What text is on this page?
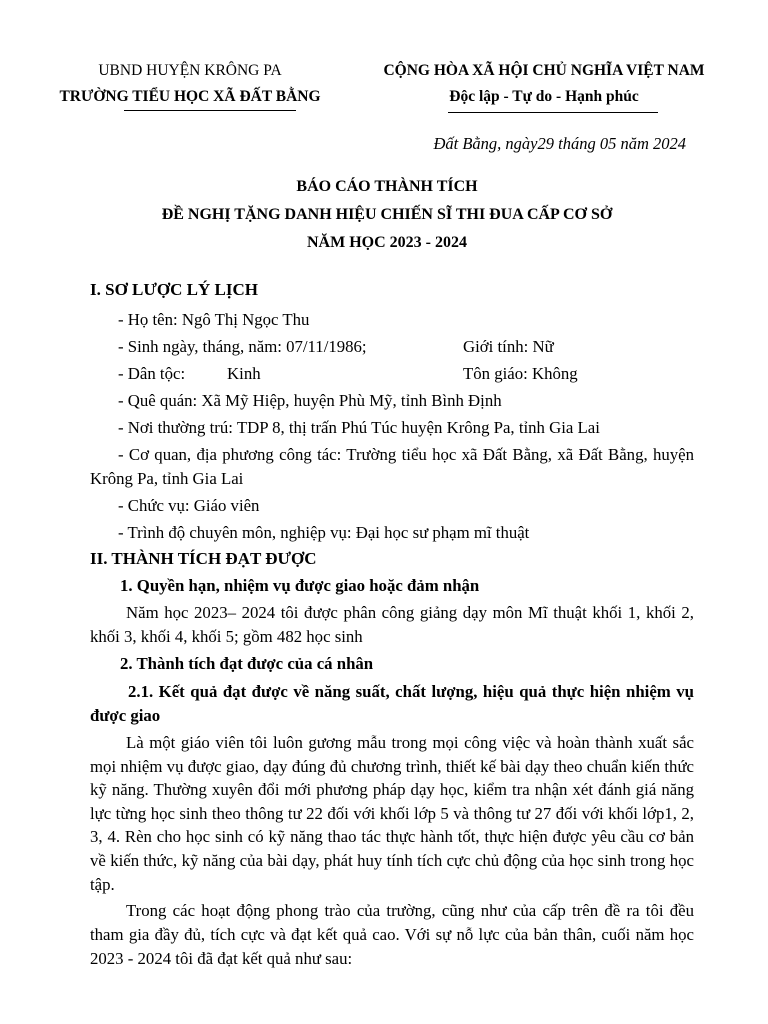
UBND HUYỆN KRÔNG PA
TRƯỜNG TIỂU HỌC XÃ ĐẤT BẰNG
CỘNG HÒA XÃ HỘI CHỦ NGHĨA VIỆT NAM
Độc lập - Tự do - Hạnh phúc
Đất Bằng, ngày29 tháng 05 năm 2024
BÁO CÁO THÀNH TÍCH
ĐỀ NGHỊ TẶNG DANH HIỆU CHIẾN SĨ THI ĐUA CẤP CƠ SỞ
NĂM HỌC 2023 - 2024

I. SƠ LƯỢC LÝ LỊCH

- Họ tên: Ngô Thị Ngọc Thu

- Sinh ngày, tháng, năm: 07/11/1986;	Giới tính: Nữ
- Dân tộc:          Kinh	Tôn giáo: Không

- Quê quán: Xã Mỹ Hiệp, huyện Phù Mỹ, tỉnh Bình Định

- Nơi thường trú: TDP 8, thị trấn Phú Túc huyện Krông Pa, tỉnh Gia Lai

- Cơ quan, địa phương công tác: Trường tiểu học xã Đất Bằng, xã Đất Bằng, huyện Krông Pa, tỉnh Gia Lai

- Chức vụ: Giáo viên

- Trình độ chuyên môn, nghiệp vụ: Đại học sư phạm mĩ thuật

II. THÀNH TÍCH ĐẠT ĐƯỢC

1. Quyền hạn, nhiệm vụ được giao hoặc đảm nhận

Năm học 2023– 2024 tôi được phân công giảng dạy môn Mĩ thuật khối 1, khối 2, khối 3, khối 4, khối 5; gồm 482 học sinh

2. Thành tích đạt được của cá nhân

2.1. Kết quả đạt được về năng suất, chất lượng, hiệu quả thực hiện nhiệm vụ được giao

Là một giáo viên tôi luôn gương mẫu trong mọi công việc và hoàn thành xuất sắc mọi nhiệm vụ được giao, dạy đúng đủ chương trình, thiết kế bài dạy theo chuẩn kiến thức kỹ năng. Thường xuyên đổi mới phương pháp dạy học, kiểm tra nhận xét đánh giá năng lực từng học sinh theo thông tư 22 đối với khối lớp 5 và thông tư 27 đối với khối lớp1, 2, 3, 4. Rèn cho học sinh có kỹ năng thao tác thực hành tốt, thực hiện được yêu cầu cơ bản về kiến thức, kỹ năng của bài dạy, phát huy tính tích cực chủ động của học sinh trong học tập.

Trong các hoạt động phong trào của trường, cũng như của cấp trên đề ra tôi đều tham gia đầy đủ, tích cực và đạt kết quả cao. Với sự nỗ lực của bản thân, cuối năm học 2023 - 2024 tôi đã đạt kết quả như sau:
